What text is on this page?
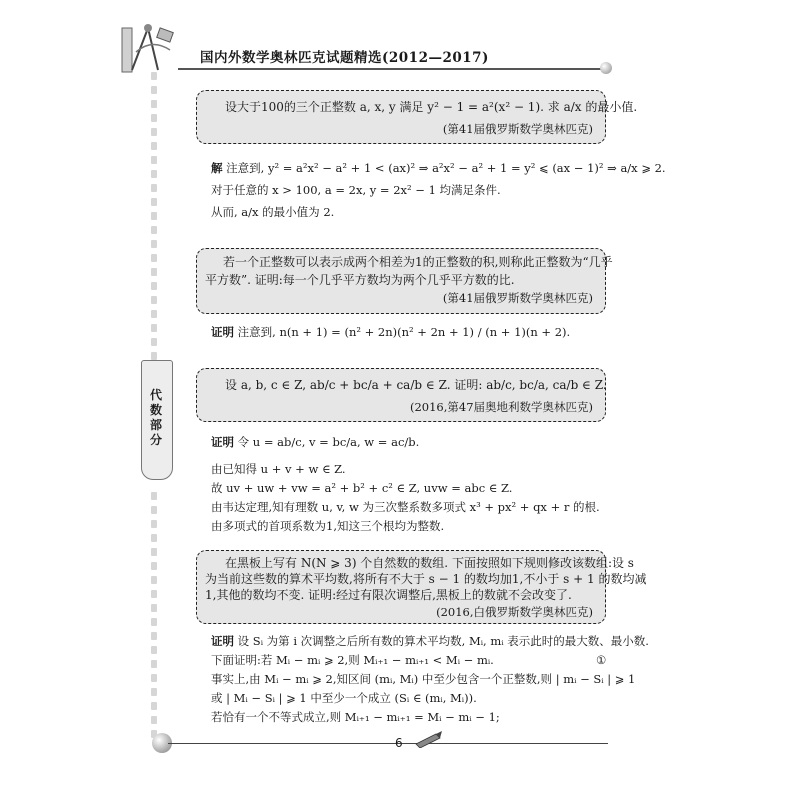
国内外数学奥林匹克试题精选(2012—2017)
代
数
部
分
设大于100的三个正整数 a, x, y 满足 y² − 1 = a²(x² − 1). 求 a/x 的最小值.
(第41届俄罗斯数学奥林匹克)
解 注意到, y² = a²x² − a² + 1 < (ax)² ⇒ a²x² − a² + 1 = y² ⩽ (ax − 1)² ⇒ a/x ⩾ 2.
对于任意的 x > 100, a = 2x, y = 2x² − 1 均满足条件.
从而, a/x 的最小值为 2.
若一个正整数可以表示成两个相差为1的正整数的积,则称此正整数为“几乎
平方数”. 证明:每一个几乎平方数均为两个几乎平方数的比.
(第41届俄罗斯数学奥林匹克)
证明 注意到, n(n + 1) = (n² + 2n)(n² + 2n + 1) / (n + 1)(n + 2).
设 a, b, c ∈ Z, ab/c + bc/a + ca/b ∈ Z. 证明: ab/c, bc/a, ca/b ∈ Z.
(2016,第47届奥地利数学奥林匹克)
证明 令 u = ab/c, v = bc/a, w = ac/b.
由已知得 u + v + w ∈ Z.
故 uv + uw + vw = a² + b² + c² ∈ Z, uvw = abc ∈ Z.
由韦达定理,知有理数 u, v, w 为三次整系数多项式 x³ + px² + qx + r 的根.
由多项式的首项系数为1,知这三个根均为整数.
在黑板上写有 N(N ⩾ 3) 个自然数的数组. 下面按照如下规则修改该数组:设 s
为当前这些数的算术平均数,将所有不大于 s − 1 的数均加1,不小于 s + 1 的数均减
1,其他的数均不变. 证明:经过有限次调整后,黑板上的数就不会改变了.
(2016,白俄罗斯数学奥林匹克)
证明 设 Sᵢ 为第 i 次调整之后所有数的算术平均数, Mᵢ, mᵢ 表示此时的最大数、最小数.
下面证明:若 Mᵢ − mᵢ ⩾ 2,则 Mᵢ₊₁ − mᵢ₊₁ < Mᵢ − mᵢ.	①
事实上,由 Mᵢ − mᵢ ⩾ 2,知区间 (mᵢ, Mᵢ) 中至少包含一个正整数,则 | mᵢ − Sᵢ | ⩾ 1
或 | Mᵢ − Sᵢ | ⩾ 1 中至少一个成立 (Sᵢ ∈ (mᵢ, Mᵢ)).
若恰有一个不等式成立,则 Mᵢ₊₁ − mᵢ₊₁ = Mᵢ − mᵢ − 1;
6
